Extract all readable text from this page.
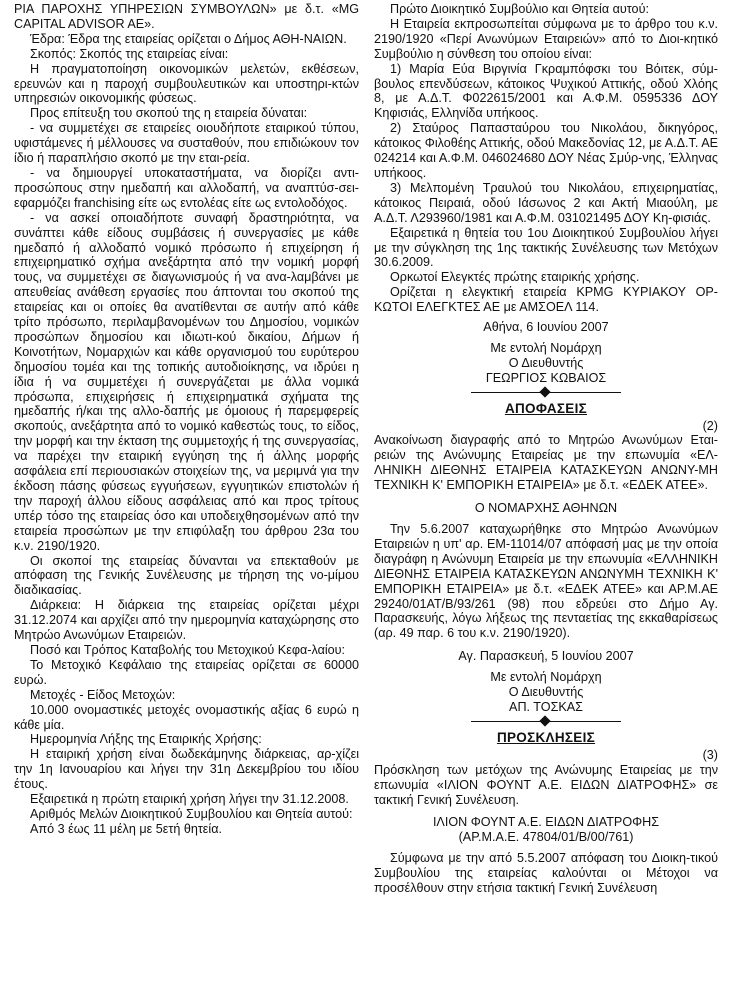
ΡΙΑ ΠΑΡΟΧΗΣ ΥΠΗΡΕΣΙΩΝ ΣΥΜΒΟΥΛΩΝ» με δ.τ. «MG CAPITAL ADVISOR AE».

Έδρα: Έδρα της εταιρείας ορίζεται ο Δήμος ΑΘΗ-ΝΑΙΩΝ.

Σκοπός: Σκοπός της εταιρείας είναι:

Η πραγματοποίηση οικονομικών μελετών, εκθέσεων, ερευνών και η παροχή συμβουλευτικών και υποστηρι-κτών υπηρεσιών οικονομικής φύσεως.

Προς επίτευξη του σκοπού της η εταιρεία δύναται:

- να συμμετέχει σε εταιρείες οιουδήποτε εταιρικού τύπου, υφιστάμενες ή μέλλουσες να συσταθούν, που επιδιώκουν τον ίδιο ή παραπλήσιο σκοπό με την εται-ρεία.

- να δημιουργεί υποκαταστήματα, να διορίζει αντι-προσώπους στην ημεδαπή και αλλοδαπή, να αναπτύσ-σει-εφαρμόζει franchising είτε ως εντολέας είτε ως εντολοδόχος.

- να ασκεί οποιαδήποτε συναφή δραστηριότητα, να συνάπτει κάθε είδους συμβάσεις ή συνεργασίες με κάθε ημεδαπό ή αλλοδαπό νομικό πρόσωπο ή επιχείρηση ή επιχειρηματικό σχήμα ανεξάρτητα από την νομική μορφή τους, να συμμετέχει σε διαγωνισμούς ή να ανα-λαμβάνει με απευθείας ανάθεση εργασίες που άπτονται του σκοπού της εταιρείας και οι οποίες θα ανατίθενται σε αυτήν από κάθε τρίτο πρόσωπο, περιλαμβανομένων του Δημοσίου, νομικών προσώπων δημοσίου και ιδιωτι-κού δικαίου, Δήμων ή Κοινοτήτων, Νομαρχιών και κάθε οργανισμού του ευρύτερου δημοσίου τομέα και της τοπικής αυτοδιοίκησης, να ιδρύει η ίδια ή να συμμετέχει ή συνεργάζεται με άλλα νομικά πρόσωπα, επιχειρήσεις ή επιχειρηματικά σχήματα της ημεδαπής ή/και της αλλο-δαπής με όμοιους ή παρεμφερείς σκοπούς, ανεξάρτητα από το νομικό καθεστώς τους, το είδος, την μορφή και την έκταση της συμμετοχής ή της συνεργασίας, να παρέχει την εταιρική εγγύηση της ή άλλης μορφής ασφάλεια επί περιουσιακών στοιχείων της, να μεριμνά για την έκδοση πάσης φύσεως εγγυήσεων, εγγυητικών επιστολών ή την παροχή άλλου είδους ασφάλειας από και προς τρίτους υπέρ τόσο της εταιρείας όσο και υποδειχθησομένων από την εταιρεία προσώπων με την επιφύλαξη του άρθρου 23α του κ.ν. 2190/1920.

Οι σκοποί της εταιρείας δύνανται να επεκταθούν με απόφαση της Γενικής Συνέλευσης με τήρηση της νο-μίμου διαδικασίας.

Διάρκεια: Η διάρκεια της εταιρείας ορίζεται μέχρι 31.12.2074 και αρχίζει από την ημερομηνία καταχώρησης στο Μητρώο Ανωνύμων Εταιρειών.

Ποσό και Τρόπος Καταβολής του Μετοχικού Κεφα-λαίου:

Το Μετοχικό Κεφάλαιο της εταιρείας ορίζεται σε 60000 ευρώ.

Μετοχές - Είδος Μετοχών:

10.000 ονομαστικές μετοχές ονομαστικής αξίας 6 ευρώ η κάθε μία.

Ημερομηνία Λήξης της Εταιρικής Χρήσης:

Η εταιρική χρήση είναι δωδεκάμηνης διάρκειας, αρ-χίζει την 1η Ιανουαρίου και λήγει την 31η Δεκεμβρίου του ιδίου έτους.

Εξαιρετικά η πρώτη εταιρική χρήση λήγει την 31.12.2008.

Αριθμός Μελών Διοικητικού Συμβουλίου και Θητεία αυτού:

Από 3 έως 11 μέλη με 5ετή θητεία.

Πρώτο Διοικητικό Συμβούλιο και Θητεία αυτού:

Η Εταιρεία εκπροσωπείται σύμφωνα με το άρθρο του κ.ν. 2190/1920 «Περί Ανωνύμων Εταιρειών» από το Διοι-κητικό Συμβούλιο η σύνθεση του οποίου είναι:

1) Μαρία Εύα Βιργινία Γκραμπόφσκι του Βόιτεκ, σύμ-βουλος επενδύσεων, κάτοικος Ψυχικού Αττικής, οδού Χλόης 8, με Α.Δ.Τ. Φ022615/2001 και Α.Φ.Μ. 0595336 ΔΟΥ Κηφισιάς, Ελληνίδα υπήκοος.

2) Σταύρος Παπασταύρου του Νικολάου, δικηγόρος, κάτοικος Φιλοθέης Αττικής, οδού Μακεδονίας 12, με Α.Δ.Τ. ΑΕ 024214 και Α.Φ.Μ. 046024680 ΔΟΥ Νέας Σμύρ-νης, Έλληνας υπήκοος.

3) Μελπομένη Τραυλού του Νικολάου, επιχειρηματίας, κάτοικος Πειραιά, οδού Ιάσωνος 2 και Ακτή Μιαούλη, με Α.Δ.Τ. Λ293960/1981 και Α.Φ.Μ. 031021495 ΔΟΥ Κη-φισιάς.

Εξαιρετικά η θητεία του 1ου Διοικητικού Συμβουλίου λήγει με την σύγκληση της 1ης τακτικής Συνέλευσης των Μετόχων 30.6.2009.

Ορκωτοί Ελεγκτές πρώτης εταιρικής χρήσης.

Ορίζεται η ελεγκτική εταιρεία KPMG ΚΥΡΙΑΚΟΥ ΟΡ-ΚΩΤΟΙ ΕΛΕΓΚΤΕΣ ΑΕ με ΑΜΣΟΕΛ 114.

Αθήνα, 6 Ιουνίου 2007
Με εντολή Νομάρχη
Ο Διευθυντής
ΓΕΩΡΓΙΟΣ ΚΩΒΑΙΟΣ
ΑΠΟΦΑΣΕΙΣ

(2)

Ανακοίνωση διαγραφής από το Μητρώο Ανωνύμων Εται-ρειών της Ανώνυμης Εταιρείας με την επωνυμία «ΕΛ-ΛΗΝΙΚΗ ΔΙΕΘΝΗΣ ΕΤΑΙΡΕΙΑ ΚΑΤΑΣΚΕΥΩΝ ΑΝΩΝΥ-ΜΗ ΤΕΧΝΙΚΗ Κ' ΕΜΠΟΡΙΚΗ ΕΤΑΙΡΕΙΑ» με δ.τ. «ΕΔΕΚ ΑΤΕΕ».

Ο ΝΟΜΑΡΧΗΣ ΑΘΗΝΩΝ

Την 5.6.2007 καταχωρήθηκε στο Μητρώο Ανωνύμων Εταιρειών η υπ' αρ. ΕΜ-11014/07 απόφασή μας με την οποία διαγράφη η Ανώνυμη Εταιρεία με την επωνυμία «ΕΛΛΗΝΙΚΗ ΔΙΕΘΝΗΣ ΕΤΑΙΡΕΙΑ ΚΑΤΑΣΚΕΥΩΝ ΑΝΩΝΥΜΗ ΤΕΧΝΙΚΗ Κ' ΕΜΠΟΡΙΚΗ ΕΤΑΙΡΕΙΑ» με δ.τ. «ΕΔΕΚ ΑΤΕΕ» και ΑΡ.Μ.ΑΕ 29240/01ΑΤ/Β/93/261 (98) που εδρεύει στο Δήμο Αγ. Παρασκευής, λόγω λήξεως της πενταετίας της εκκαθαρίσεως (αρ. 49 παρ. 6 του κ.ν. 2190/1920).

Αγ. Παρασκευή, 5 Ιουνίου 2007
Με εντολή Νομάρχη
Ο Διευθυντής
ΑΠ. ΤΟΣΚΑΣ
ΠΡΟΣΚΛΗΣΕΙΣ

(3)

Πρόσκληση των μετόχων της Ανώνυμης Εταιρείας με την επωνυμία «ΙΛΙΟΝ ΦΟΥΝΤ Α.Ε. ΕΙΔΩΝ ΔΙΑΤΡΟΦΗΣ» σε τακτική Γενική Συνέλευση.

ΙΛΙΟΝ ΦΟΥΝΤ Α.Ε. ΕΙΔΩΝ ΔΙΑΤΡΟΦΗΣ

(ΑΡ.Μ.Α.Ε. 47804/01/Β/00/761)

Σύμφωνα με την από 5.5.2007 απόφαση του Διοικη-τικού Συμβουλίου της εταιρείας καλούνται οι Μέτοχοι να προσέλθουν στην ετήσια τακτική Γενική Συνέλευση
